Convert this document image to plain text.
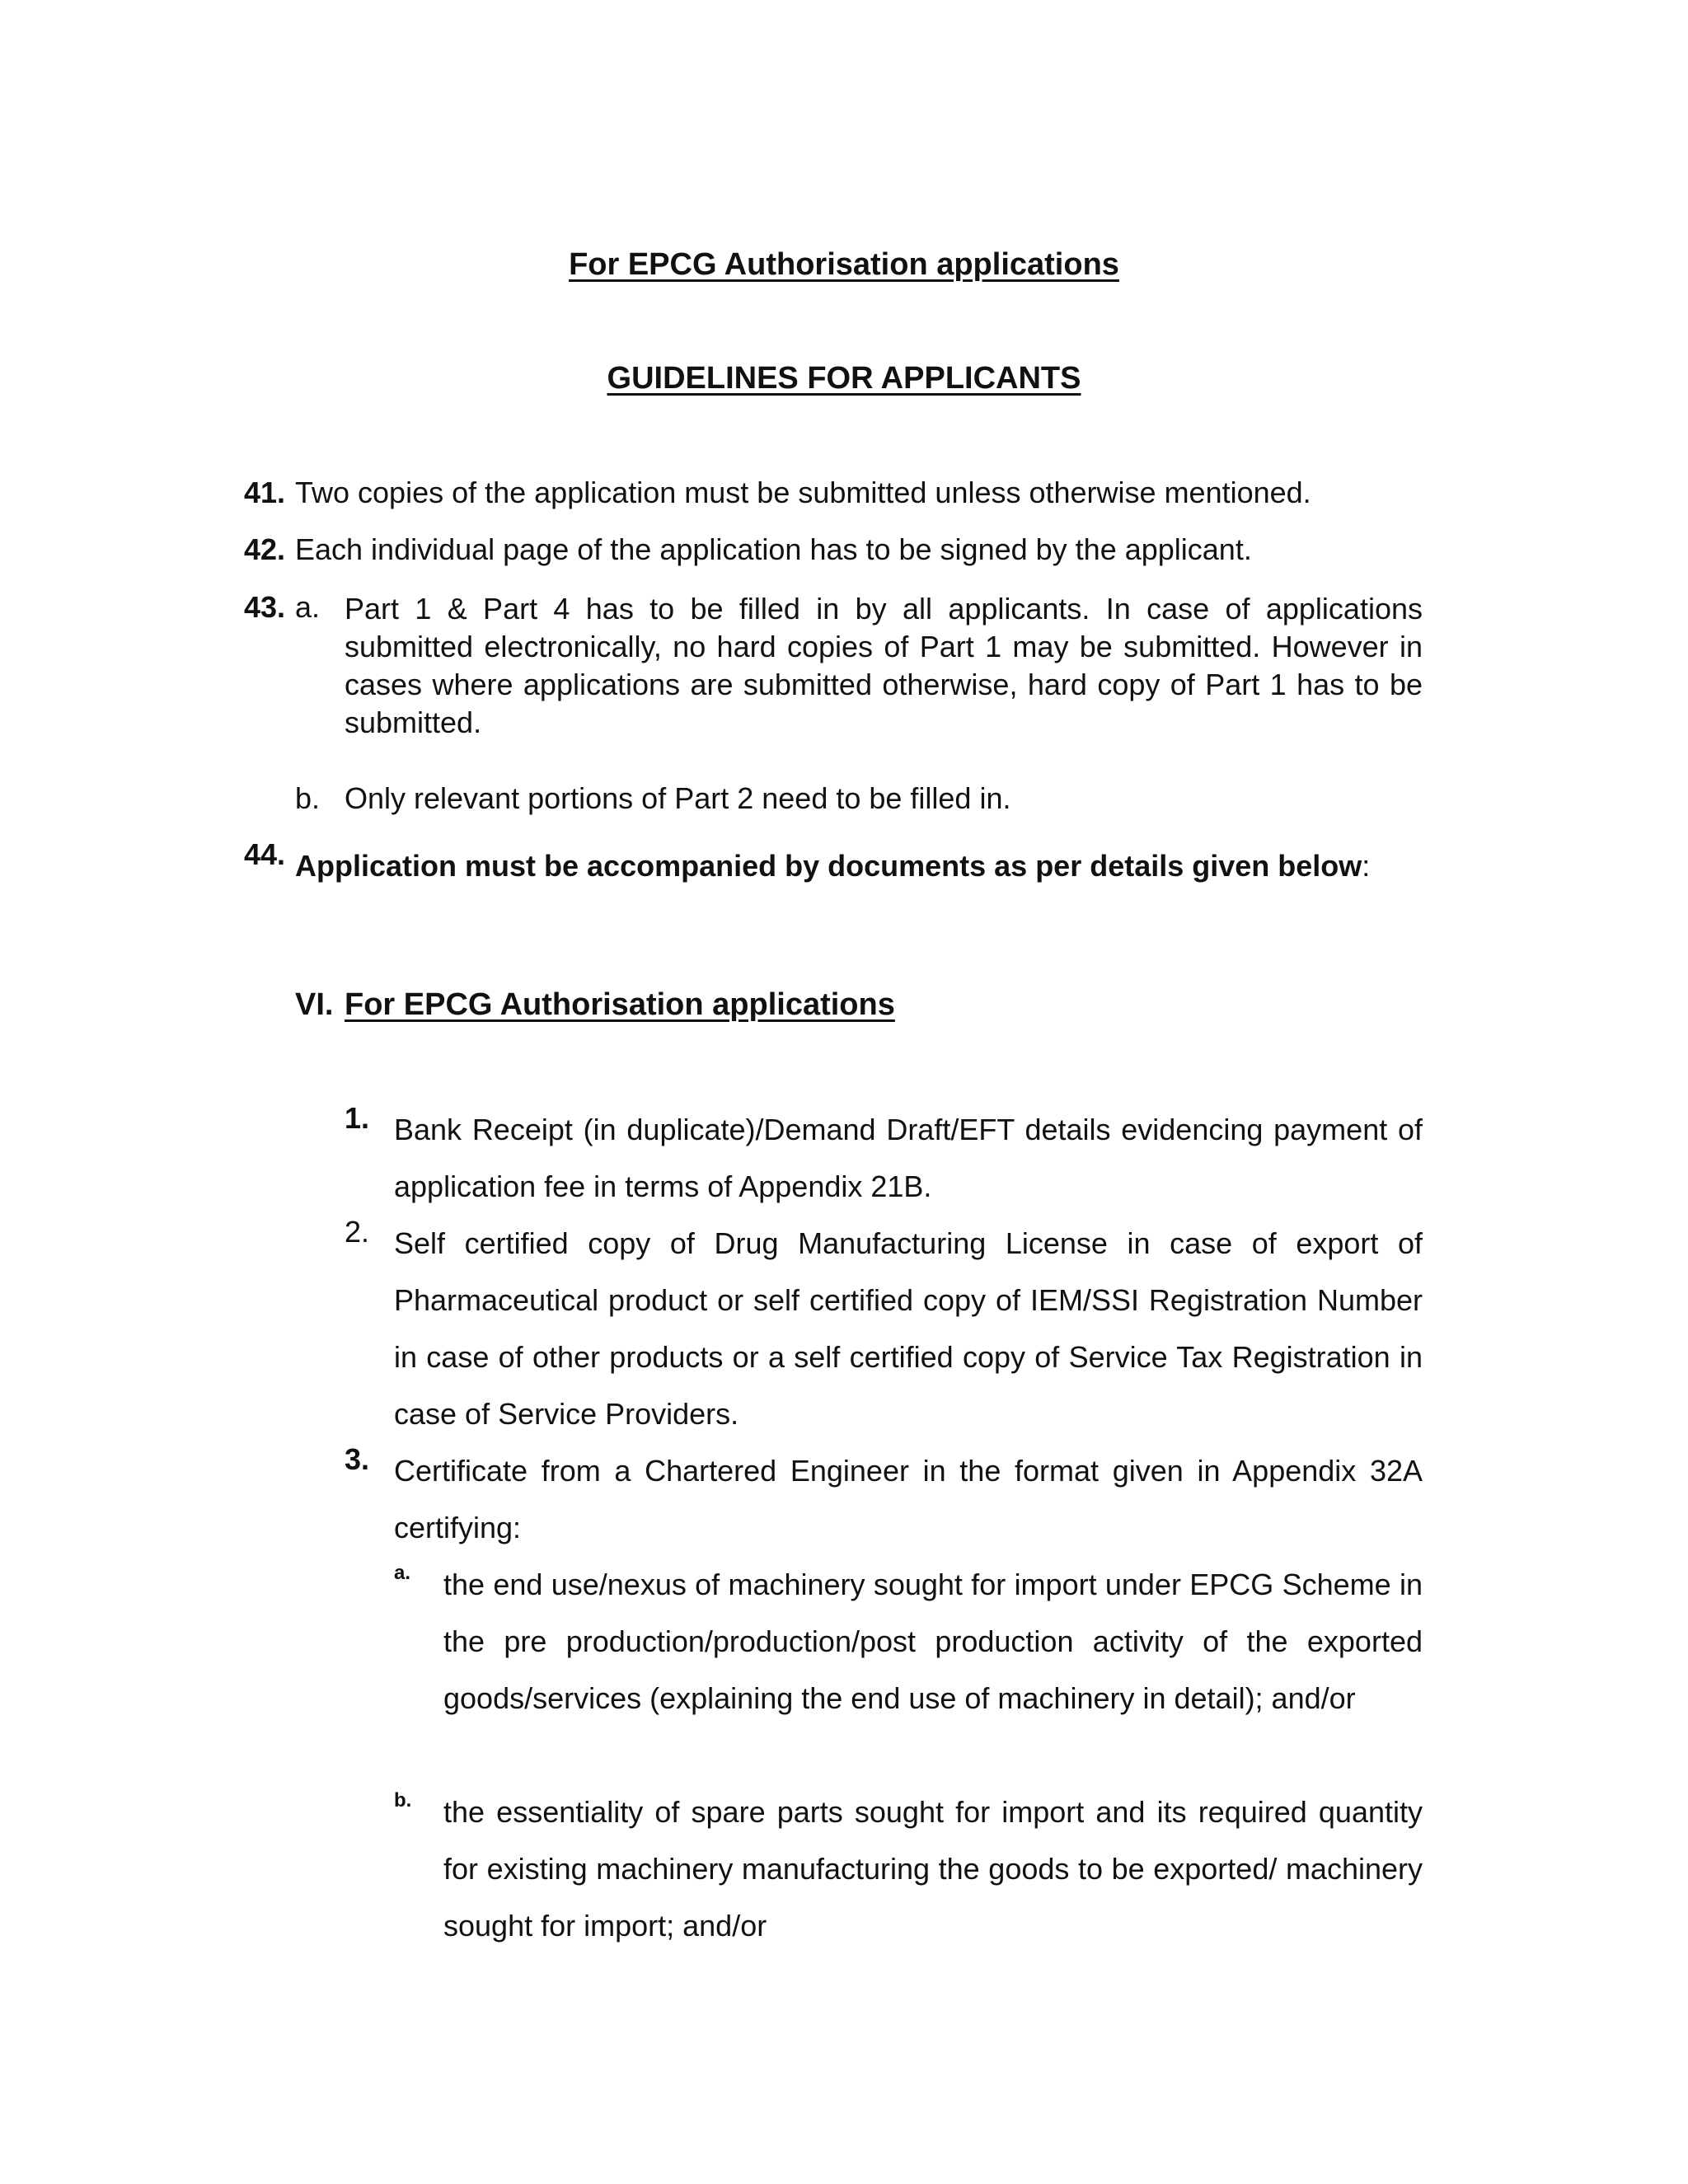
For EPCG Authorisation applications
GUIDELINES FOR APPLICANTS
41. Two copies of the application must be submitted unless otherwise mentioned.
42. Each individual page of the application has to be signed by the applicant.
43. a. Part 1 & Part 4 has to be filled in by all applicants. In case of applications submitted electronically, no hard copies of Part 1 may be submitted. However in cases where applications are submitted otherwise, hard copy of Part 1 has to be submitted.
b. Only relevant portions of Part 2 need to be filled in.
44. Application must be accompanied by documents as per details given below:
VI. For EPCG Authorisation applications
1. Bank Receipt (in duplicate)/Demand Draft/EFT details evidencing payment of application fee in terms of Appendix 21B.
2. Self certified copy of Drug Manufacturing License in case of export of Pharmaceutical product or self certified copy of IEM/SSI Registration Number in case of other products or a self certified copy of Service Tax Registration in case of Service Providers.
3. Certificate from a Chartered Engineer in the format given in Appendix 32A certifying:
a. the end use/nexus of machinery sought for import under EPCG Scheme in the pre production/production/post production activity of the exported goods/services (explaining the end use of machinery in detail); and/or
b. the essentiality of spare parts sought for import and its required quantity for existing machinery manufacturing the goods to be exported/ machinery sought for import; and/or
